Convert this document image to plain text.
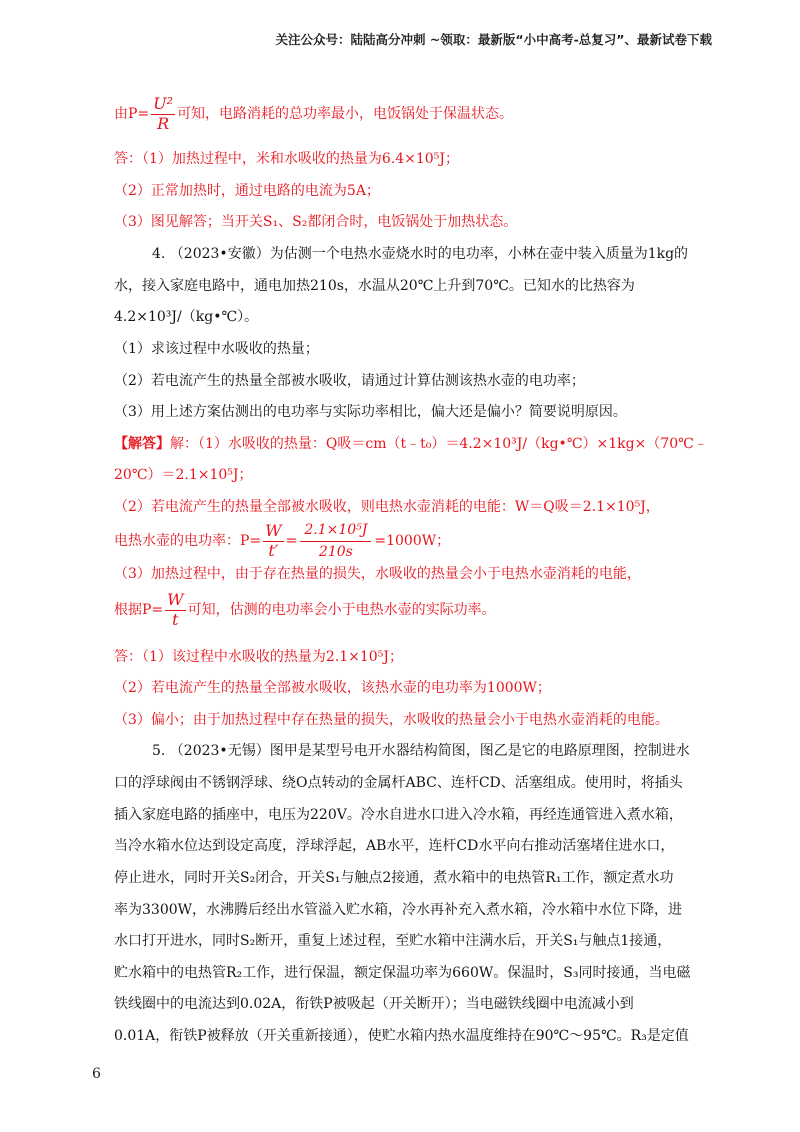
关注公众号：陆陆高分冲刺 ~领取：最新版“小中高考-总复习”、最新试卷下载
由$P= \frac{\text{U²}}{R}$ 可知，电路消耗的总功率最小，电饭锅处于保温状态。
答：（1）加热过程中，米和水吸收的热量为6.4×10⁵J；
（2）正常加热时，通过电路的电流为5A；
（3）图见解答；当开关S₁、S₂都闭合时，电饭锅处于加热状态。
4. （2023•安徽）为估测一个电热水壶烧水时的电功率，小林在壶中装入质量为1kg的
水，接入家庭电路中，通电加热210s，水温从20℃上升到70℃。已知水的比热容为
4.2×10³J/（kg•℃）。
（1）求该过程中水吸收的热量；
（2）若电流产生的热量全部被水吸收，请通过计算估测该热水壶的电功率；
（3）用上述方案估测出的电功率与实际功率相比，偏大还是偏小？简要说明原因。
【解答】解：（1）水吸收的热量：Q吸＝cm（t﹣t₀）＝4.2×10³J/（kg•℃）×1kg×（70℃﹣
20℃）＝2.1×10⁵J；
（2）若电流产生的热量全部被水吸收，则电热水壶消耗的电能：W＝Q吸＝2.1×10⁵J，
电热水壶的电功率：$P= \frac{W}{t'} = \frac{\text{2.1×10⁵J}}{210s} =1000W$；
（3）加热过程中，由于存在热量的损失，水吸收的热量会小于电热水壶消耗的电能，
根据$P= \frac{W}{t}$ 可知，估测的电功率会小于电热水壶的实际功率。
答：（1）该过程中水吸收的热量为2.1×10⁵J；
（2）若电流产生的热量全部被水吸收，该热水壶的电功率为1000W；
（3）偏小；由于加热过程中存在热量的损失，水吸收的热量会小于电热水壶消耗的电能。
5. （2023•无锡）图甲是某型号电开水器结构简图，图乙是它的电路原理图，控制进水
口的浮球阀由不锈钢浮球、绕O点转动的金属杆ABC、连杆CD、活塞组成。使用时，将插头
插入家庭电路的插座中，电压为220V。冷水自进水口进入冷水箱，再经连通管进入煮水箱，
当冷水箱水位达到设定高度，浮球浮起，AB水平，连杆CD水平向右推动活塞堵住进水口，
停止进水，同时开关S₂闭合，开关S₁与触点2接通，煮水箱中的电热管R₁工作，额定煮水功
率为3300W，水沸腾后经出水管溢入贮水箱，冷水再补充入煮水箱，冷水箱中水位下降，进
水口打开进水，同时S₂断开，重复上述过程，至贮水箱中注满水后，开关S₁与触点1接通，
贮水箱中的电热管R₂工作，进行保温，额定保温功率为660W。保温时，S₃同时接通，当电磁
铁线圈中的电流达到0.02A，衔铁P被吸起（开关断开）；当电磁铁线圈中电流减小到
0.01A，衔铁P被释放（开关重新接通），使贮水箱内热水温度维持在90℃～95℃。R₃是定值
6
